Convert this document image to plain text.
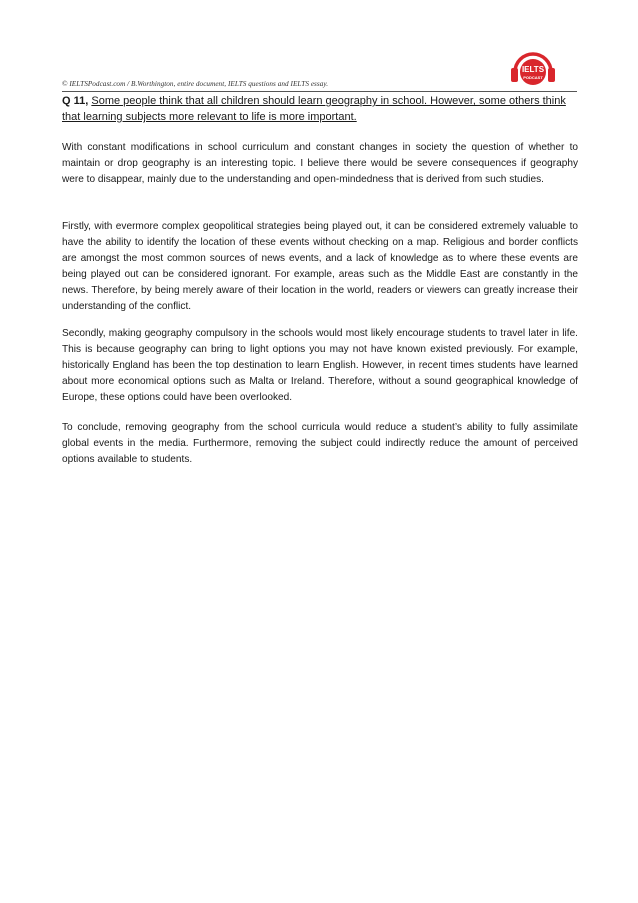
IELTS
PODCAST
© IELTSPodcast.com / B.Worthington, entire document, IELTS questions and IELTS essay.

Q 11, Some people think that all children should learn geography in school. However, some others think that learning subjects more relevant to life is more important.

With constant modifications in school curriculum and constant changes in society the question of whether to maintain or drop geography is an interesting topic. I believe there would be severe consequences if geography were to disappear, mainly due to the understanding and open-mindedness that is derived from such studies.

Firstly, with evermore complex geopolitical strategies being played out, it can be considered extremely valuable to have the ability to identify the location of these events without checking on a map. Religious and border conflicts are amongst the most common sources of news events, and a lack of knowledge as to where these events are being played out can be considered ignorant. For example, areas such as the Middle East are constantly in the news. Therefore, by being merely aware of their location in the world, readers or viewers can greatly increase their understanding of the conflict.

Secondly, making geography compulsory in the schools would most likely encourage students to travel later in life. This is because geography can bring to light options you may not have known existed previously. For example, historically England has been the top destination to learn English. However, in recent times students have learned about more economical options such as Malta or Ireland. Therefore, without a sound geographical knowledge of Europe, these options could have been overlooked.

To conclude, removing geography from the school curricula would reduce a student’s ability to fully assimilate global events in the media. Furthermore, removing the subject could indirectly reduce the amount of perceived options available to students.
